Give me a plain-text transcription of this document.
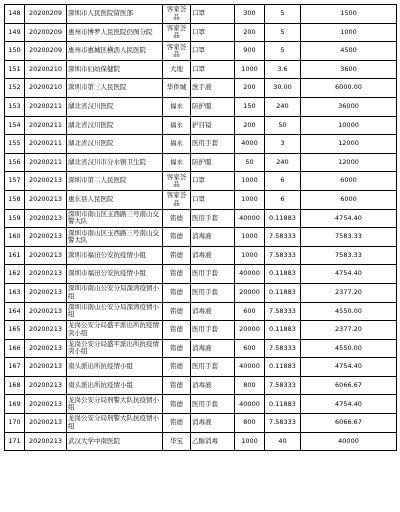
148	20200209	深圳市人民医院留医部	客家荟品	口罩	300	5	1500
149	20200209	惠州市博罗人民医院仍图分院	客家荟品	口罩	200	5	1000
150	20200209	惠州市惠城区横沥人民医院	客家荟品	口罩	900	5	4500
151	20200210	深圳市妇幼保健院	大地	口罩	1000	3.6	3600
152	20200210	深圳市第三人民医院	华侨城	洗手液	200	30.00	6000.00
153	20200211	湖北省汉川医院	福永	防护服	150	240	36000
154	20200211	湖北省汉川医院	福永	护目镜	200	50	10000
155	20200211	湖北省汉川医院	福永	医用手套	4000	3	12000
156	20200211	湖北省汉川市分水镇卫生院	福永	防护服	50	240	12000
157	20200213	深圳市第二人民医院	客家荟品	口罩	1000	6	6000
158	20200213	惠东县人民医院	客家荟品	口罩	1000	6	6000
159	20200213	深圳市南山区玉西路三号南山交警大队	铭德	医用手套	40000	0.11883	4754.40
160	20200213	深圳市南山区玉西路三号南山交警大队	铭德	消毒液	1000	7.58333	7583.33
161	20200213	深圳市福田公安抗疫情小组	铭德	消毒液	1000	7.58333	7583.33
162	20200213	深圳市福田公安抗疫情小组	铭德	医用手套	40000	0.11883	4754.40
163	20200213	深圳市南山公安分局深湾疫情小组	铭德	医用手套	20000	0.11883	2377.20
164	20200213	深圳市南山公安分局深湾疫情小组	铭德	消毒液	600	7.58333	4550.00
165	20200213	龙岗公安分局盛平派出所抗疫情突小组	铭德	医用手套	20000	0.11883	2377.20
166	20200213	龙岗公安分局盛平派出所抗疫情突小组	铭德	消毒液	600	7.58333	4550.00
167	20200213	南头派出所抗疫情小组	铭德	医用手套	40000	0.11883	4754.40
168	20200213	南头派出所抗疫情小组	铭德	消毒液	800	7.58333	6066.67
169	20200213	龙岗公安分局刑警大队抗疫情小组	铭德	医用手套	40000	0.11883	4754.40
170	20200213	龙岗公安分局刑警大队抗疫情小组	铭德	消毒液	800	7.58333	6066.67
171	20200213	武汉大学中南医院	华宝	乙醇消毒	1000	40	40000
